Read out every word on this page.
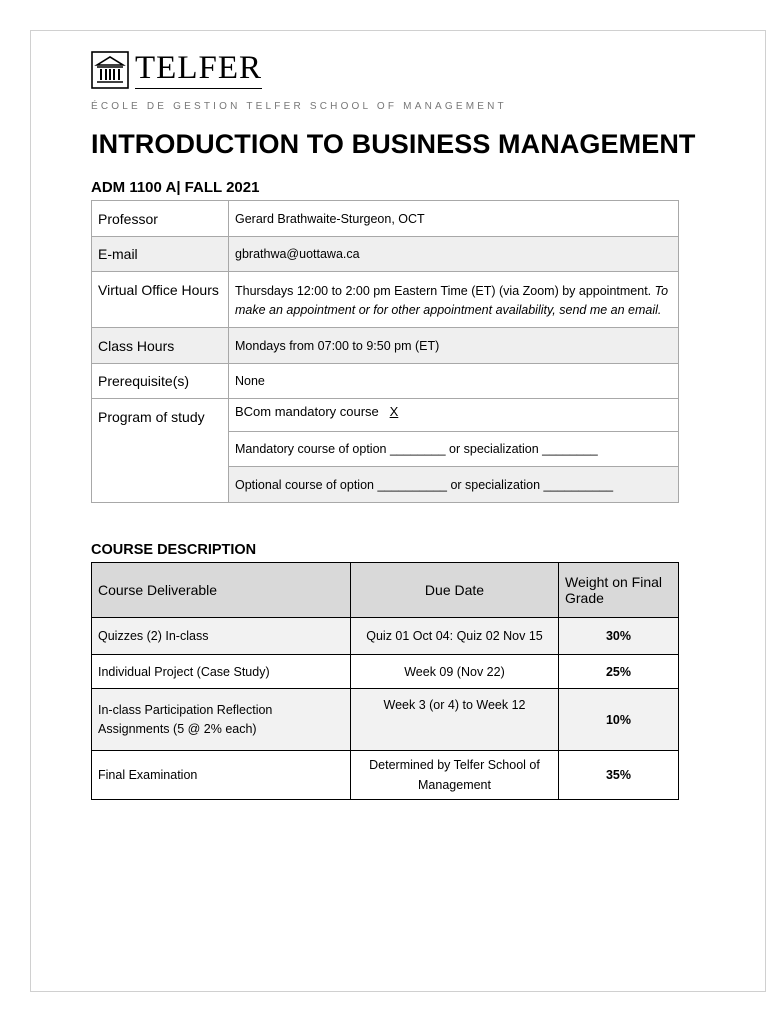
TELFER
ÉCOLE DE GESTION TELFER SCHOOL OF MANAGEMENT
INTRODUCTION TO BUSINESS MANAGEMENT
ADM 1100 A| FALL 2021
Professor	Gerard Brathwaite-Sturgeon, OCT
E-mail	gbrathwa@uottawa.ca
Virtual Office Hours	Thursdays 12:00 to 2:00 pm Eastern Time (ET) (via Zoom) by appointment. To make an appointment or for other appointment availability, send me an email.
Class Hours	Mondays from 07:00 to 9:50 pm (ET)
Prerequisite(s)	None
Program of study	BCom mandatory course X
	Mandatory course of option ________ or specialization ________
	Optional course of option __________ or specialization __________
COURSE DESCRIPTION
Course Deliverable	Due Date	Weight on Final Grade
Quizzes (2) In-class	Quiz 01 Oct 04: Quiz 02 Nov 15	30%
Individual Project (Case Study)	Week 09 (Nov 22)	25%
In-class Participation Reflection Assignments (5 @ 2% each)	Week 3 (or 4) to Week 12	10%
Final Examination	Determined by Telfer School of Management	35%
